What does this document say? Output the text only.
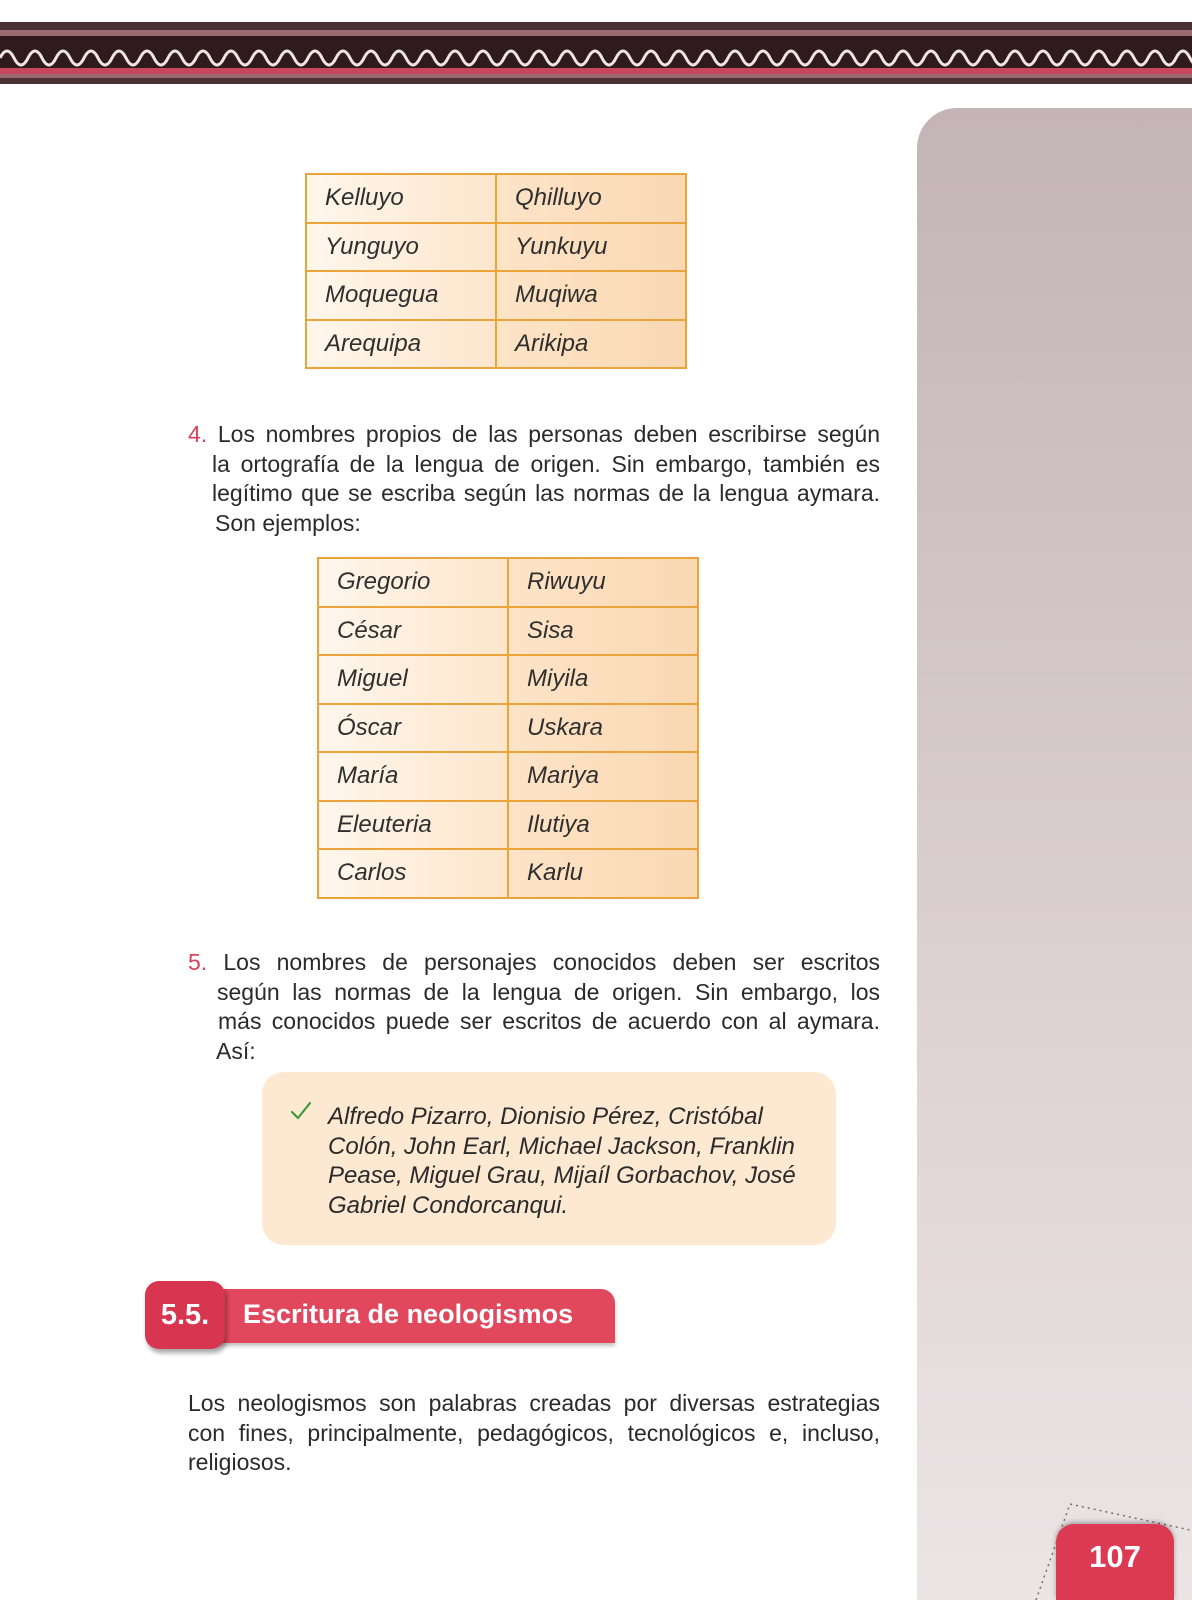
Kelluyo	Qhilluyo
Yunguyo	Yunkuyu
Moquegua	Muqiwa
Arequipa	Arikipa
4. Los nombres propios de las personas deben escribirse según
la ortografía de la lengua de origen. Sin embargo, también es
legítimo que se escriba según las normas de la lengua aymara.
Son ejemplos:
Gregorio	Riwuyu
César	Sisa
Miguel	Miyila
Óscar	Uskara
María	Mariya
Eleuteria	Ilutiya
Carlos	Karlu
5. Los nombres de personajes conocidos deben ser escritos
según las normas de la lengua de origen. Sin embargo, los
más conocidos puede ser escritos de acuerdo con al aymara.
Así:
Alfredo Pizarro, Dionisio Pérez, Cristóbal
Colón, John Earl, Michael Jackson, Franklin
Pease, Miguel Grau, Mijaíl Gorbachov, José
Gabriel Condorcanqui.
Escritura de neologismos
5.5.
Los neologismos son palabras creadas por diversas estrategias
con fines, principalmente, pedagógicos, tecnológicos e, incluso,
religiosos.
107
